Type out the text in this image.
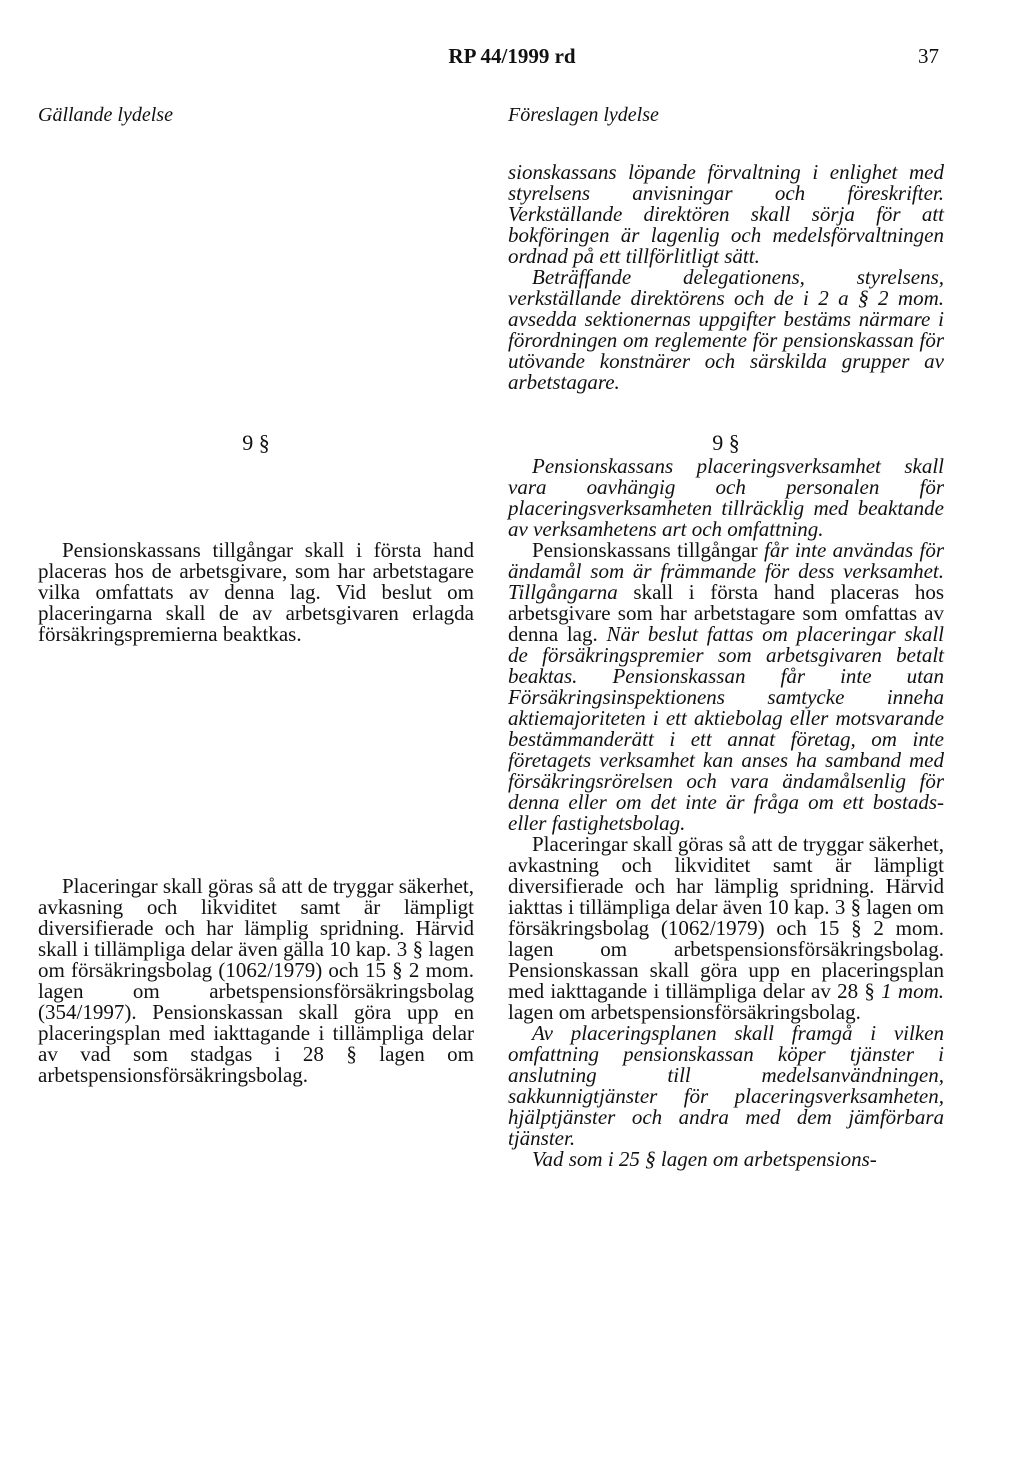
RP 44/1999 rd	37
Gällande lydelse	Föreslagen lydelse
9 §

Pensionskassans tillgångar skall i första hand placeras hos de arbetsgivare, som har arbetstagare vilka omfattats av denna lag. Vid beslut om placeringarna skall de av arbetsgivaren erlagda försäkringspremierna beaktkas.

Placeringar skall göras så att de tryggar säkerhet, avkasning och likviditet samt är lämpligt diversifierade och har lämplig spridning. Härvid skall i tillämpliga delar även gälla 10 kap. 3 § lagen om försäkringsbolag (1062/1979) och 15 § 2 mom. lagen om arbetspensionsförsäkringsbolag (354/1997). Pensionskassan skall göra upp en placeringsplan med iakttagande i tillämpliga delar av vad som stadgas i 28 § lagen om arbetspensionsförsäkringsbolag.

sionskassans löpande förvaltning i enlighet med styrelsens anvisningar och föreskrifter. Verkställande direktören skall sörja för att bokföringen är lagenlig och medelsförvaltningen ordnad på ett tillförlitligt sätt.

Beträffande delegationens, styrelsens, verkställande direktörens och de i 2 a § 2 mom. avsedda sektionernas uppgifter bestäms närmare i förordningen om reglemente för pensionskassan för utövande konstnärer och särskilda grupper av arbetstagare.

9 §

Pensionskassans placeringsverksamhet skall vara oavhängig och personalen för placeringsverksamheten tillräcklig med beaktande av verksamhetens art och omfattning.

Pensionskassans tillgångar får inte användas för ändamål som är främmande för dess verksamhet. Tillgångarna skall i första hand placeras hos arbetsgivare som har arbetstagare som omfattas av denna lag. När beslut fattas om placeringar skall de försäkringspremier som arbetsgivaren betalt beaktas. Pensionskassan får inte utan Försäkringsinspektionens samtycke inneha aktiemajoriteten i ett aktiebolag eller motsvarande bestämmanderätt i ett annat företag, om inte företagets verksamhet kan anses ha samband med försäkringsrörelsen och vara ändamålsenlig för denna eller om det inte är fråga om ett bostads- eller fastighetsbolag.

Placeringar skall göras så att de tryggar säkerhet, avkastning och likviditet samt är lämpligt diversifierade och har lämplig spridning. Härvid iakttas i tillämpliga delar även 10 kap. 3 § lagen om försäkringsbolag (1062/1979) och 15 § 2 mom. lagen om arbetspensionsförsäkringsbolag. Pensionskassan skall göra upp en placeringsplan med iakttagande i tillämpliga delar av 28 § 1 mom. lagen om arbetspensionsförsäkringsbolag.

Av placeringsplanen skall framgå i vilken omfattning pensionskassan köper tjänster i anslutning till medelsanvändningen, sakkunnigtjänster för placeringsverksamheten, hjälptjänster och andra med dem jämförbara tjänster.

Vad som i 25 § lagen om arbetspensions-
